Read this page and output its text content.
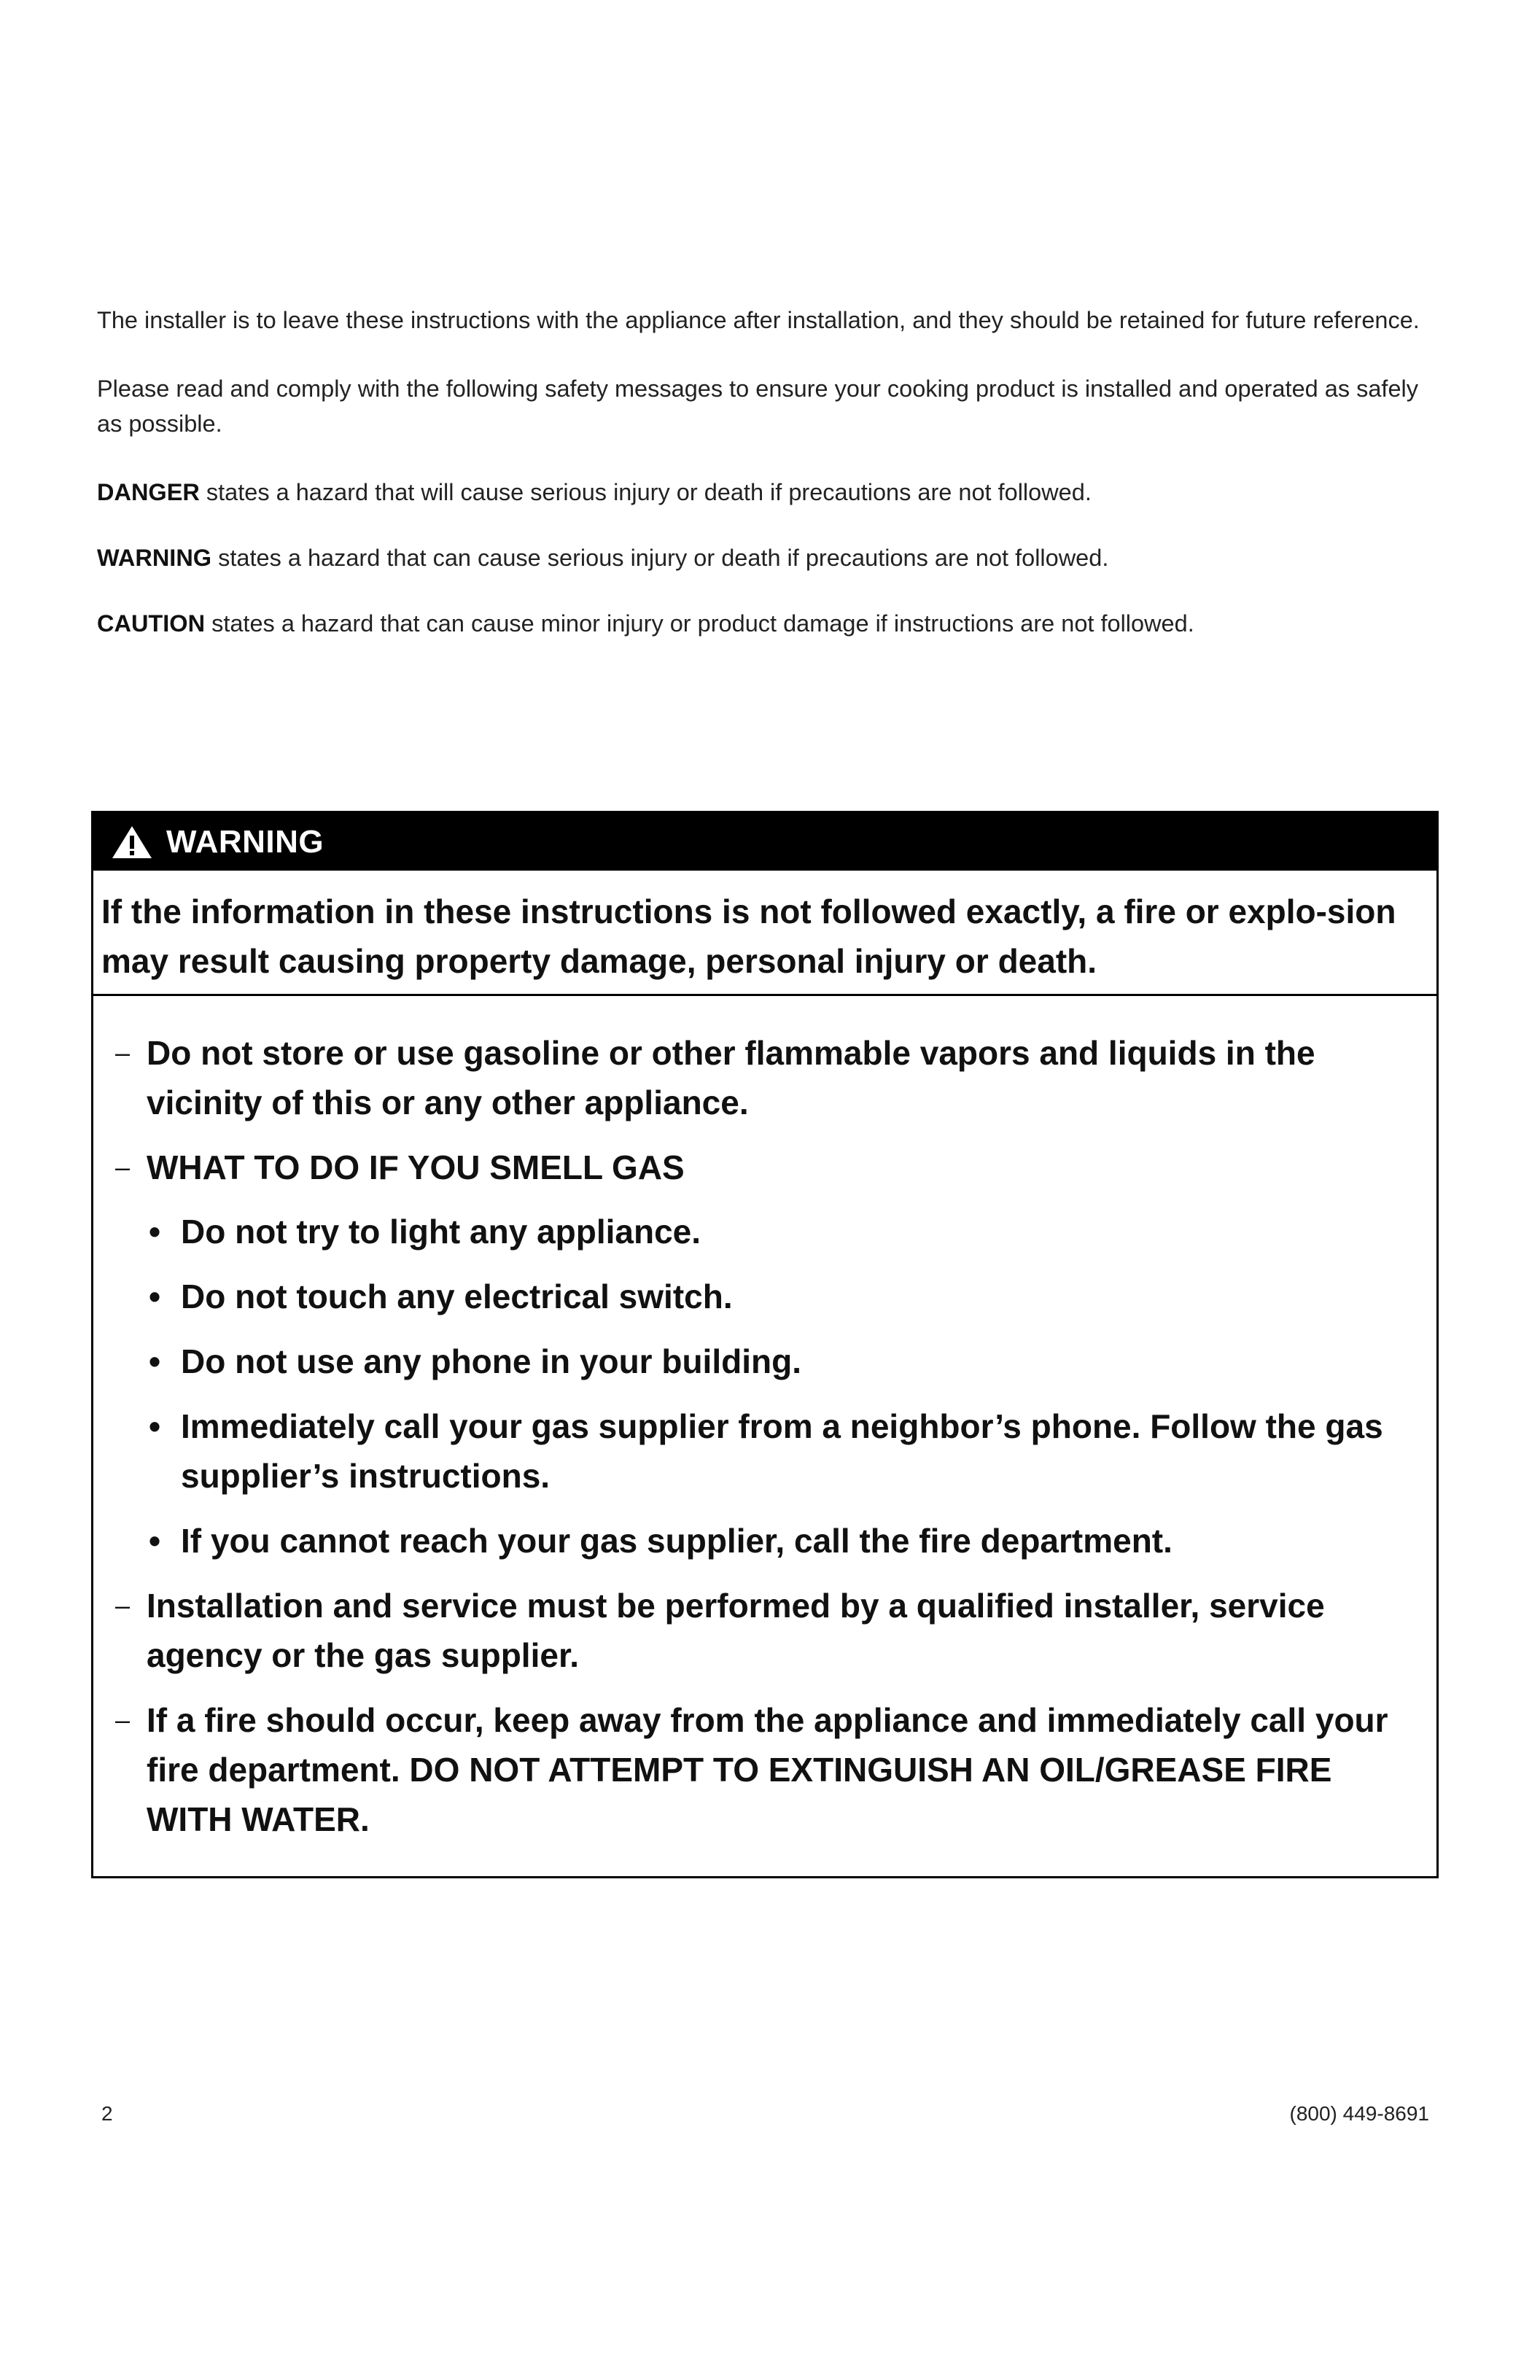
The installer is to leave these instructions with the appliance after installation, and they should be retained for future reference.

Please read and comply with the following safety messages to ensure your cooking product is installed and operated as safely as possible.

DANGER states a hazard that will cause serious injury or death if precautions are not followed.

WARNING states a hazard that can cause serious injury or death if precautions are not followed.

CAUTION states a hazard that can cause minor injury or product damage if instructions are not followed.

WARNING
If the information in these instructions is not followed exactly, a fire or explo-sion may result causing property damage, personal injury or death.
– Do not store or use gasoline or other flammable vapors and liquids in the vicinity of this or any other appliance.
– WHAT TO DO IF YOU SMELL GAS
• Do not try to light any appliance.
• Do not touch any electrical switch.
• Do not use any phone in your building.
• Immediately call your gas supplier from a neighbor’s phone. Follow the gas supplier’s instructions.
• If you cannot reach your gas supplier, call the fire department.
– Installation and service must be performed by a qualified installer, service agency or the gas supplier.
– If a fire should occur, keep away from the appliance and immediately call your fire department. DO NOT ATTEMPT TO EXTINGUISH AN OIL/GREASE FIRE WITH WATER.
2	(800) 449-8691
